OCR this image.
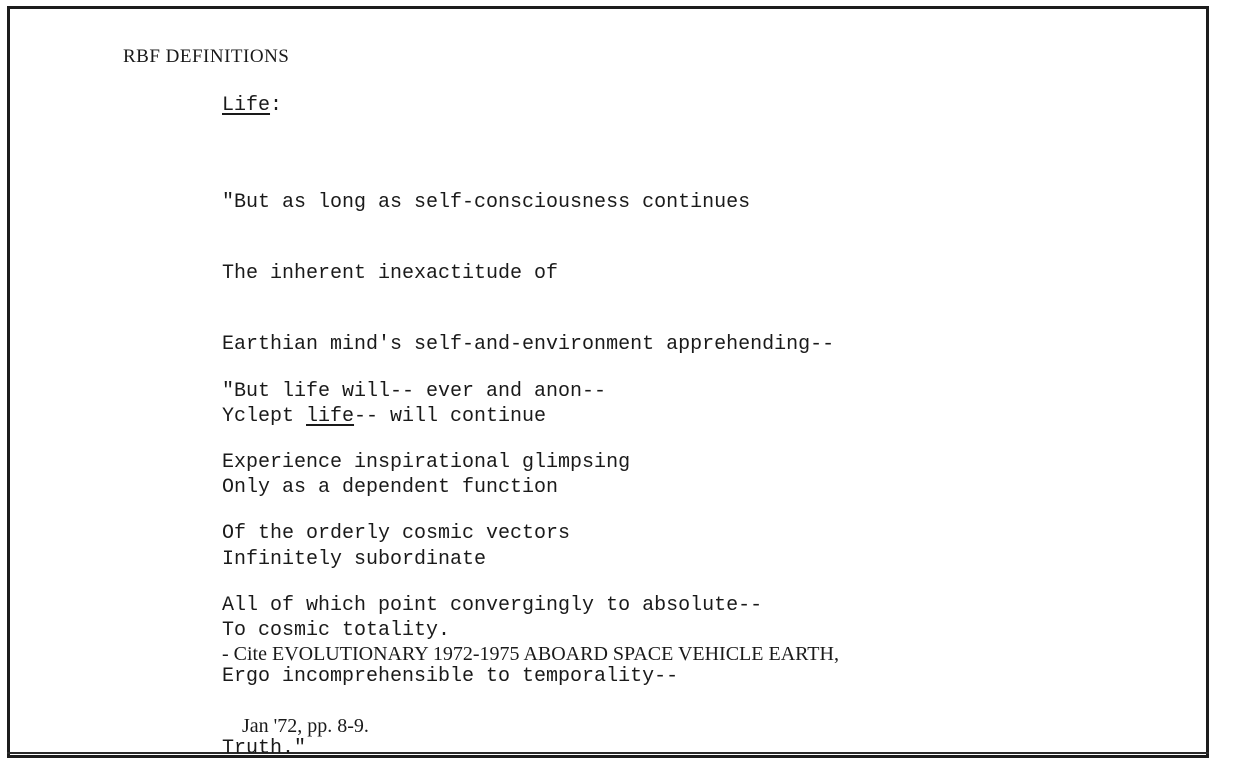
RBF DEFINITIONS
Life:

"But as long as self-consciousness continues

The inherent inexactitude of

Earthian mind's self-and-environment apprehending--

Yclept life-- will continue

Only as a dependent function

Infinitely subordinate

To cosmic totality.

"But life will-- ever and anon--

Experience inspirational glimpsing

Of the orderly cosmic vectors

All of which point convergingly to absolute--

Ergo incomprehensible to temporality--

Truth."

- Cite EVOLUTIONARY 1972-1975 ABOARD SPACE VEHICLE EARTH,

Jan '72, pp. 8-9.
